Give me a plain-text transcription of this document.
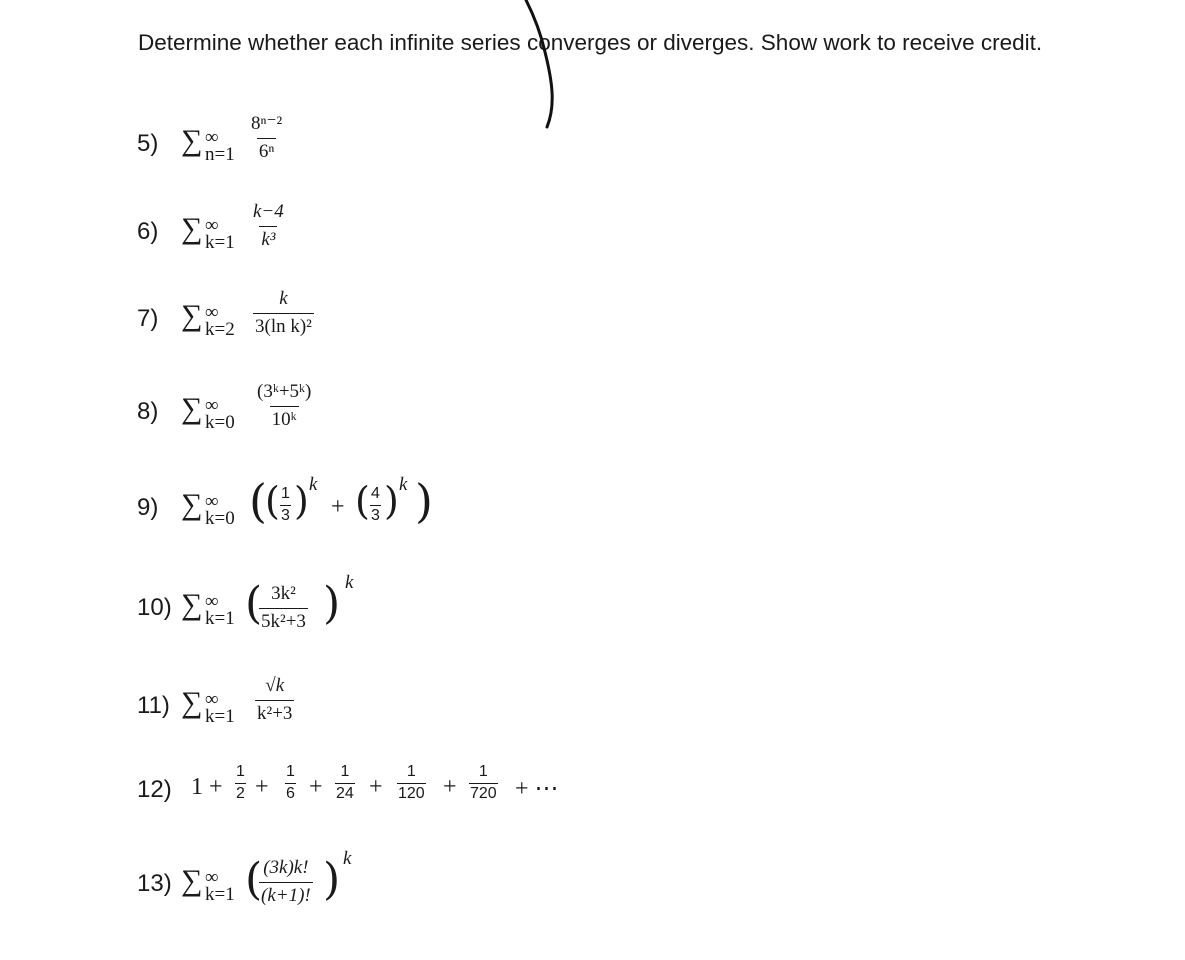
Determine whether each infinite series converges or diverges. Show work to receive credit.
5) ∑ ∞
$n=1 \frac{\text{8ⁿ⁻²}}{\text{6ⁿ}}$
6) ∑ ∞
$k=1 \frac{k-4}{\text{k³}}$
7) ∑ ∞
$k=2 \frac{k}{\text{3(ln k)²}}$
8) ∑ ∞
$k=0 \frac{\text{(3ᵏ+5ᵏ)}}{\text{10ᵏ}}$
9) ∑ ∞
k=0 (
( $\frac{1}{3}$ ) k
+ ( $\frac{4}{3}$ ) k )
10) ∑ ∞
k=1 (
$\frac{\text{3k²}}{\text{5k²+3}}$ ) k
11) ∑ ∞
$k=1 \frac{√k}{\text{k²+3}}$
12) $1 + \frac{1}{2} + \frac{1}{6} + \frac{1}{24} + \frac{1}{120} + \frac{1}{720}$ + ⋯
13) ∑ ∞
k=1 (
$\frac{(3k)k!}{(k+1)!}$ ) k
